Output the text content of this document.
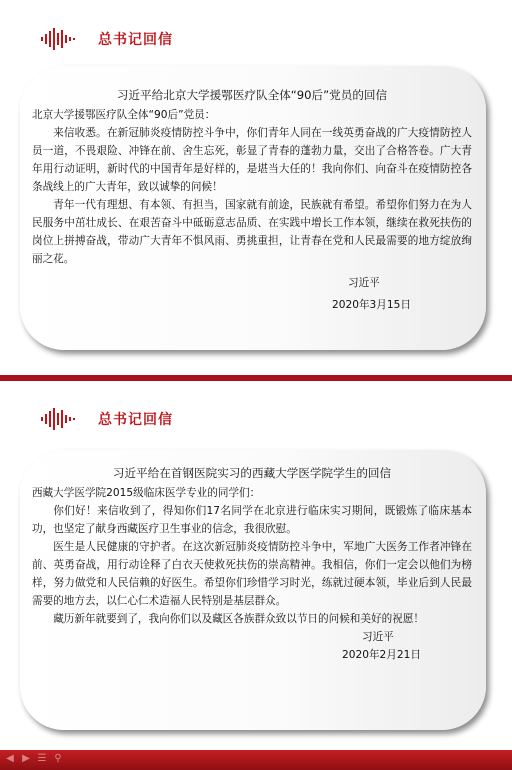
总书记回信
习近平给北京大学援鄂医疗队全体“90后”党员的回信

北京大学援鄂医疗队全体“90后”党员：

来信收悉。在新冠肺炎疫情防控斗争中，你们青年人同在一线英勇奋战的广大疫情防控人员一道，不畏艰险、冲锋在前、舍生忘死，彰显了青春的蓬勃力量，交出了合格答卷。广大青年用行动证明，新时代的中国青年是好样的，是堪当大任的！我向你们、向奋斗在疫情防控各条战线上的广大青年，致以诚挚的问候！

青年一代有理想、有本领、有担当，国家就有前途，民族就有希望。希望你们努力在为人民服务中茁壮成长、在艰苦奋斗中砥砺意志品质、在实践中增长工作本领，继续在救死扶伤的岗位上拼搏奋战，带动广大青年不惧风雨、勇挑重担，让青春在党和人民最需要的地方绽放绚丽之花。

习近平

2020年3月15日

总书记回信
习近平给在首钢医院实习的西藏大学医学院学生的回信

西藏大学医学院2015级临床医学专业的同学们：

你们好！来信收到了，得知你们17名同学在北京进行临床实习期间，既锻炼了临床基本功，也坚定了献身西藏医疗卫生事业的信念，我很欣慰。

医生是人民健康的守护者。在这次新冠肺炎疫情防控斗争中，军地广大医务工作者冲锋在前、英勇奋战，用行动诠释了白衣天使救死扶伤的崇高精神。我相信，你们一定会以他们为榜样，努力做党和人民信赖的好医生。希望你们珍惜学习时光，练就过硬本领，毕业后到人民最需要的地方去，以仁心仁术造福人民特别是基层群众。

藏历新年就要到了，我向你们以及藏区各族群众致以节日的问候和美好的祝愿！

习近平

2020年2月21日

◀ ▶ ☰ ⚲
